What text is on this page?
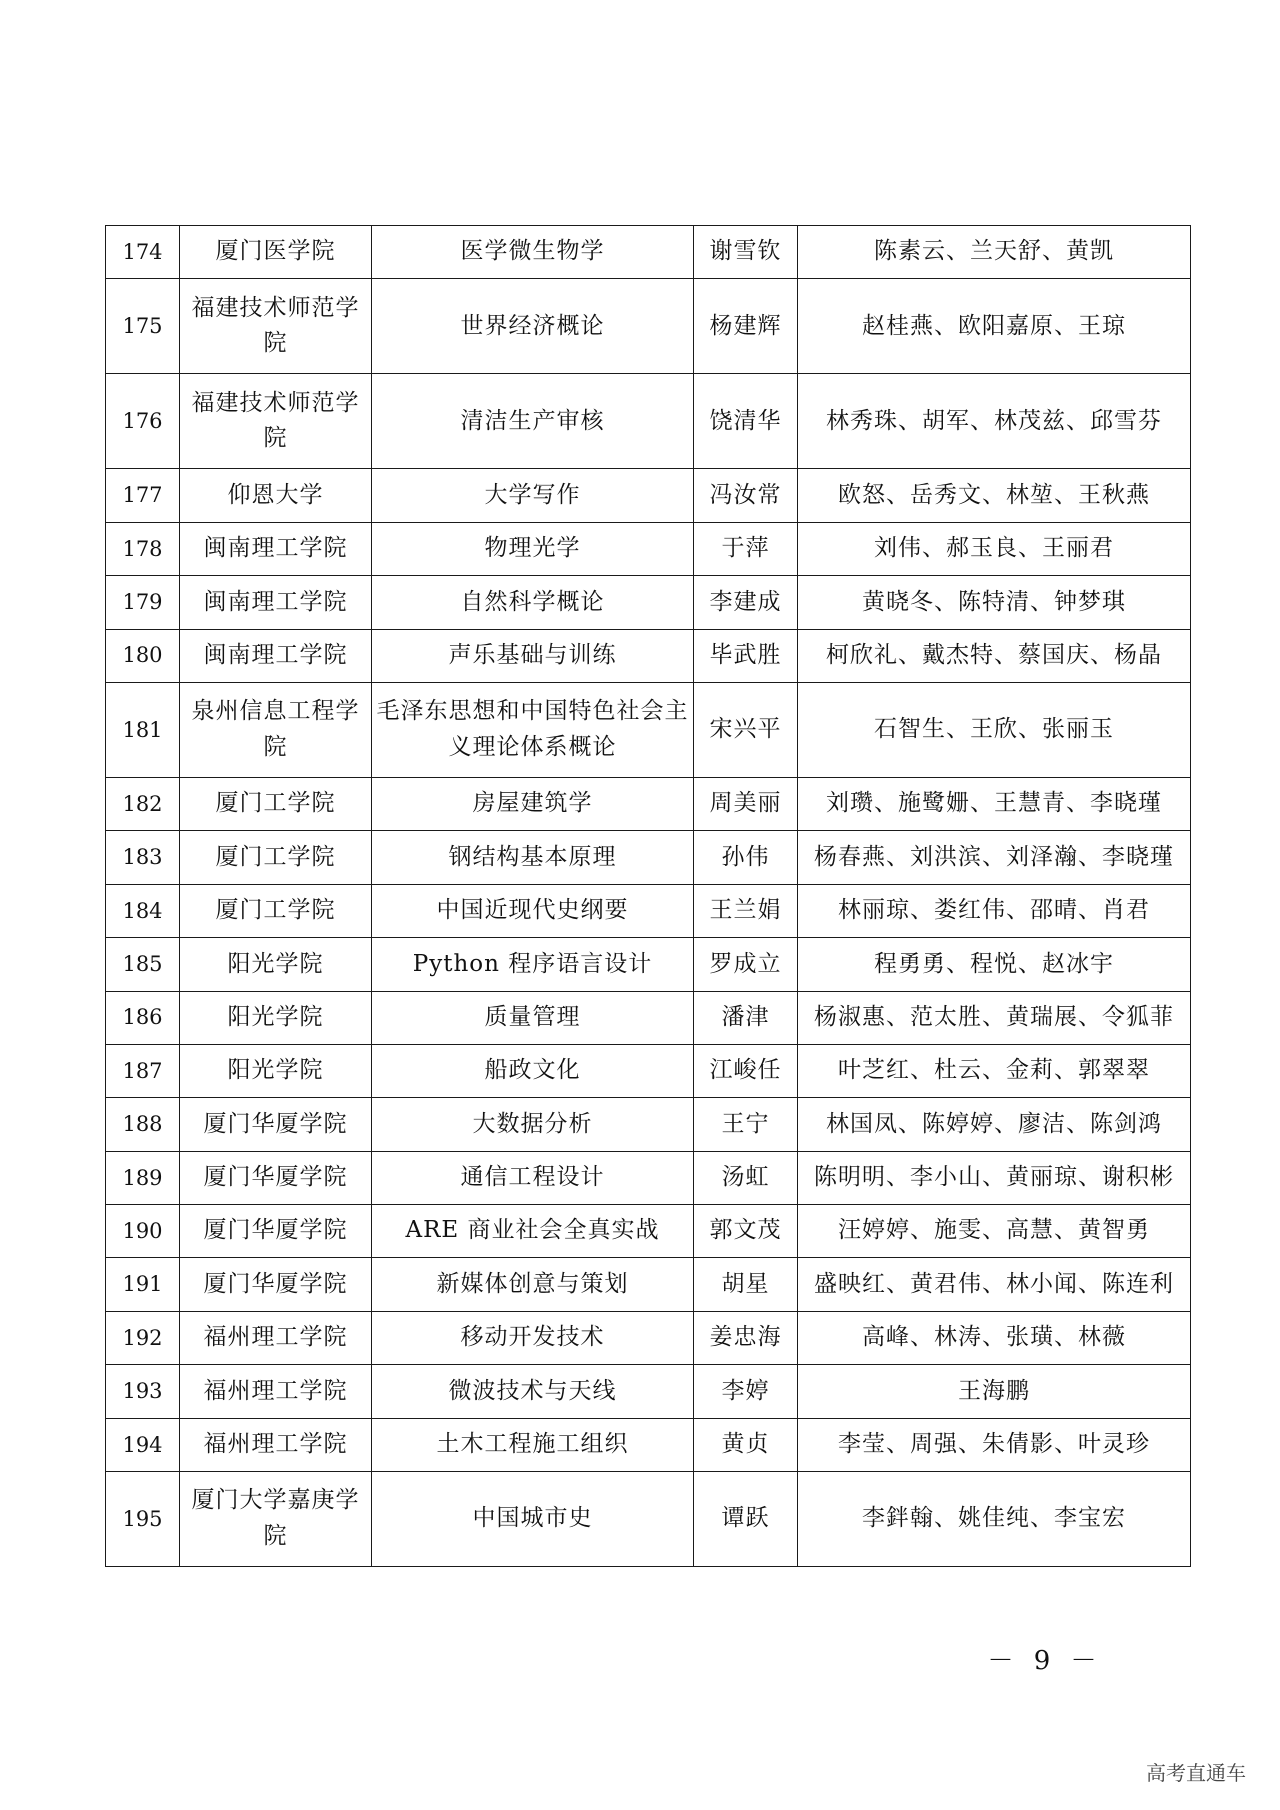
174	厦门医学院	医学微生物学	谢雪钦	陈素云、兰天舒、黄凯
175	福建技术师范学院	世界经济概论	杨建辉	赵桂燕、欧阳嘉原、王琼
176	福建技术师范学院	清洁生产审核	饶清华	林秀珠、胡军、林茂兹、邱雪芬
177	仰恩大学	大学写作	冯汝常	欧怒、岳秀文、林堃、王秋燕
178	闽南理工学院	物理光学	于萍	刘伟、郝玉良、王丽君
179	闽南理工学院	自然科学概论	李建成	黄晓冬、陈特清、钟梦琪
180	闽南理工学院	声乐基础与训练	毕武胜	柯欣礼、戴杰特、蔡国庆、杨晶
181	泉州信息工程学院	毛泽东思想和中国特色社会主义理论体系概论	宋兴平	石智生、王欣、张丽玉
182	厦门工学院	房屋建筑学	周美丽	刘瓒、施鹭姗、王慧青、李晓瑾
183	厦门工学院	钢结构基本原理	孙伟	杨春燕、刘洪滨、刘泽瀚、李晓瑾
184	厦门工学院	中国近现代史纲要	王兰娟	林丽琼、娄红伟、邵晴、肖君
185	阳光学院	Python 程序语言设计	罗成立	程勇勇、程悦、赵冰宇
186	阳光学院	质量管理	潘津	杨淑惠、范太胜、黄瑞展、令狐菲
187	阳光学院	船政文化	江峻任	叶芝红、杜云、金莉、郭翠翠
188	厦门华厦学院	大数据分析	王宁	林国凤、陈婷婷、廖洁、陈剑鸿
189	厦门华厦学院	通信工程设计	汤虹	陈明明、李小山、黄丽琼、谢积彬
190	厦门华厦学院	ARE 商业社会全真实战	郭文茂	汪婷婷、施雯、高慧、黄智勇
191	厦门华厦学院	新媒体创意与策划	胡星	盛映红、黄君伟、林小闻、陈连利
192	福州理工学院	移动开发技术	姜忠海	高峰、林涛、张璜、林薇
193	福州理工学院	微波技术与天线	李婷	王海鹏
194	福州理工学院	土木工程施工组织	黄贞	李莹、周强、朱倩影、叶灵珍
195	厦门大学嘉庚学院	中国城市史	谭跃	李鉡翰、姚佳纯、李宝宏
－ 9 －
高考直通车
